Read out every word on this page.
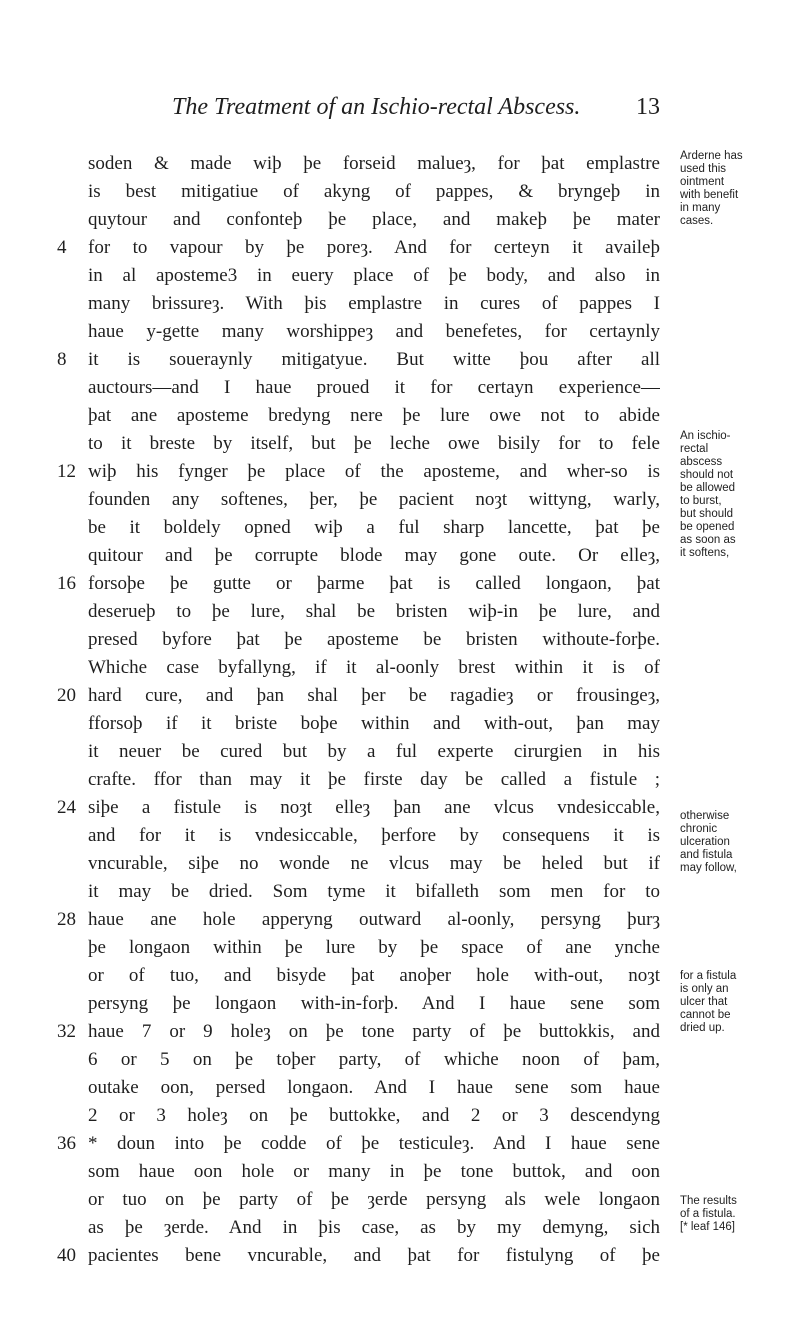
The Treatment of an Ischio-rectal Abscess. 13
soden & made wiþ þe forseid malueȝ, for þat emplastre
is best mitigatiue of akyng of pappes, & bryngeþ in
quytour and confonteþ þe place, and makeþ þe mater
4	for to vapour by þe poreȝ. And for certeyn it availeþ
in al aposteme3 in euery place of þe body, and also in
many brissureȝ. With þis emplastre in cures of pappes I
haue y-gette many worshippeȝ and benefetes, for certaynly
8	it is soueraynly mitigatyue. But witte þou after all
auctours—and I haue proued it for certayn experience—
þat ane aposteme bredyng nere þe lure owe not to abide
to it breste by itself, but þe leche owe bisily for to fele
12 wiþ his fynger þe place of the aposteme, and wher-so is
founden any softenes, þer, þe pacient noȝt wittyng, warly,
be it boldely opned wiþ a ful sharp lancette, þat þe
quitour and þe corrupte blode may gone oute. Or elleȝ,
16 forsoþe þe gutte or þarme þat is called longaon, þat
deserueþ to þe lure, shal be bristen wiþ-in þe lure, and
presed byfore þat þe aposteme be bristen withoute-forþe.
Whiche case byfallyng, if it al-oonly brest within it is of
20 hard cure, and þan shal þer be ragadieȝ or frousingeȝ,
fforsoþ if it briste boþe within and with-out, þan may
it neuer be cured but by a ful experte cirurgien in his
crafte. ffor than may it þe firste day be called a fistule ;
24 siþe a fistule is noȝt elleȝ þan ane vlcus vndesiccable,
and for it is vndesiccable, þerfore by consequens it is
vncurable, siþe no wonde ne vlcus may be heled but if
it may be dried. Som tyme it bifalleth som men for to
28 haue ane hole apperyng outward al-oonly, persyng þurȝ
þe longaon within þe lure by þe space of ane ynche
or of tuo, and bisyde þat anoþer hole with-out, noȝt
persyng þe longaon with-in-forþ. And I haue sene som
32 haue 7 or 9 holeȝ on þe tone party of þe buttokkis, and
6 or 5 on þe toþer party, of whiche noon of þam,
outake oon, persed longaon. And I haue sene som haue
2 or 3 holeȝ on þe buttokke, and 2 or 3 descendyng
36 * doun into þe codde of þe testiculeȝ. And I haue sene
som haue oon hole or many in þe tone buttok, and oon
or tuo on þe party of þe ȝerde persyng als wele longaon
as þe ȝerde. And in þis case, as by my demyng, sich
40 pacientes bene vncurable, and þat for fistulyng of þe
Arderne has
used this
ointment
with benefit
in many
cases.
An ischio-
rectal
abscess
should not
be allowed
to burst,
but should
be opened
as soon as
it softens,
otherwise
chronic
ulceration
and fistula
may follow,
for a fistula
is only an
ulcer that
cannot be
dried up.
The results
of a fistula.
[* leaf 146]
